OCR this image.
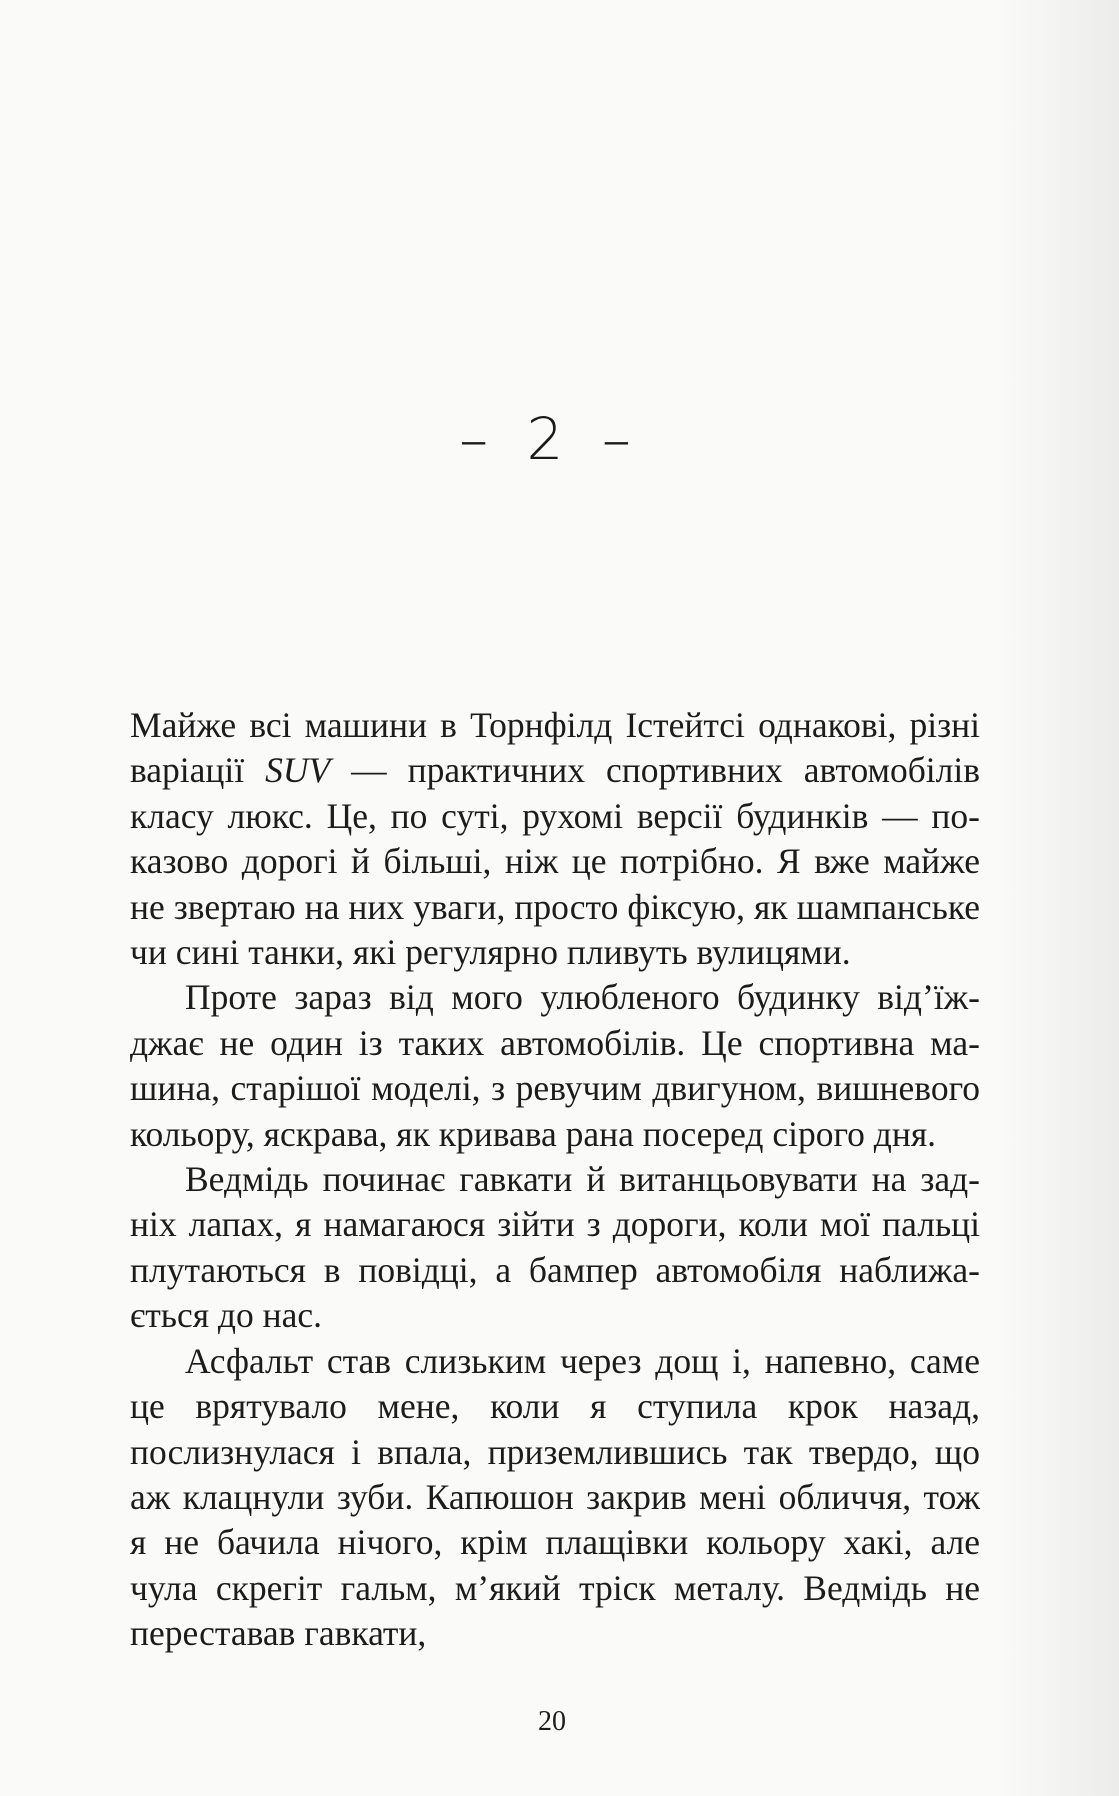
– 2 –

Майже всі машини в Торнфілд Істейтсі однакові, різні варіації SUV — практичних спортивних автомобілів класу люкс. Це, по суті, рухомі версії будинків — показово дорогі й більші, ніж це потрібно. Я вже майже не звертаю на них уваги, просто фіксую, як шампанське чи сині танки, які регулярно пливуть вулицями.

Проте зараз від мого улюбленого будинку від’їжджає не один із таких автомобілів. Це спортивна машина, старішої моделі, з ревучим двигуном, вишневого кольору, яскрава, як кривава рана посеред сірого дня.

Ведмідь починає гавкати й витанцьовувати на задніх лапах, я намагаюся зійти з дороги, коли мої пальці плутаються в повідці, а бампер автомобіля наближається до нас.

Асфальт став слизьким через дощ і, напевно, саме це врятувало мене, коли я ступила крок назад, послизнулася і впала, приземлившись так твердо, що аж клацнули зуби. Капюшон закрив мені обличчя, тож я не бачила нічого, крім плащівки кольору хакі, але чула скрегіт гальм, м’який тріск металу. Ведмідь не переставав гавкати,

20
